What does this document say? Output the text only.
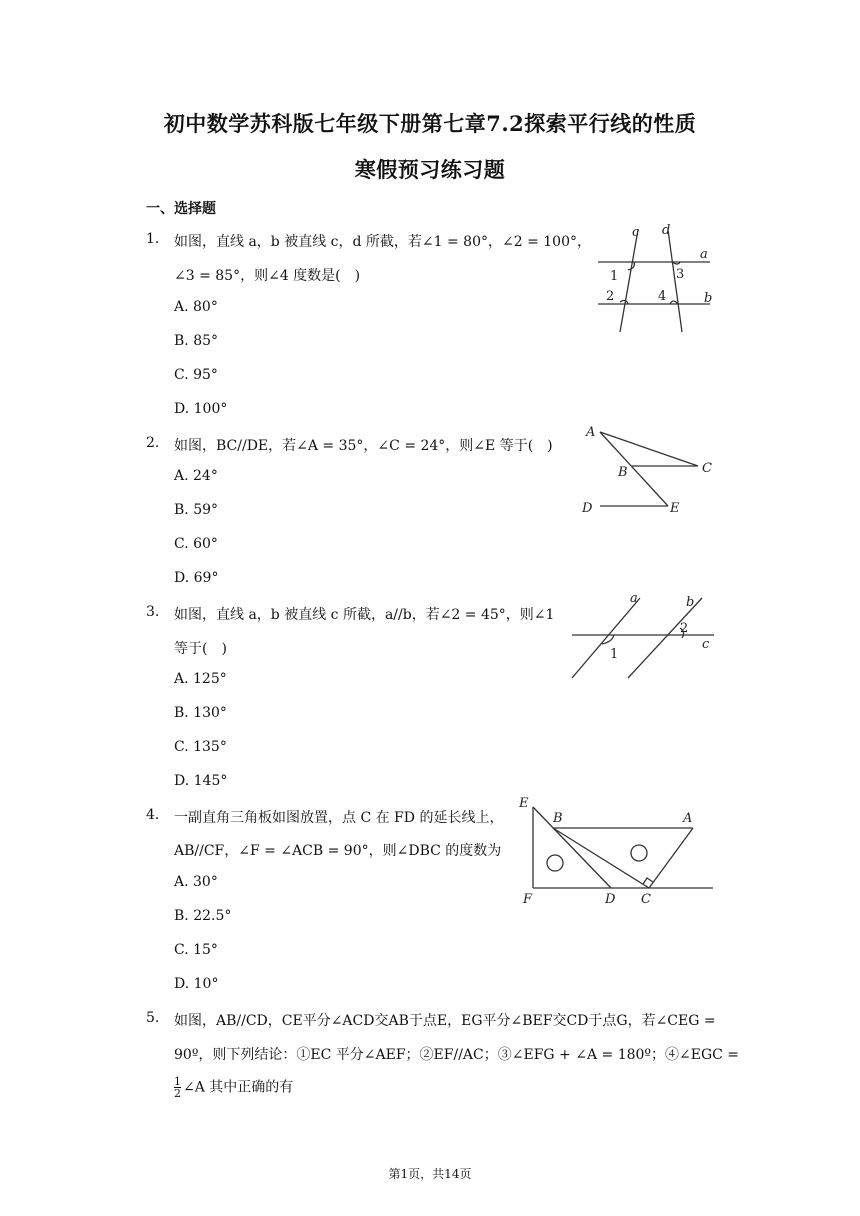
初中数学苏科版七年级下册第七章7.2探索平行线的性质
寒假预习练习题
一、选择题
1. 如图，直线 a，b 被直线 c，d 所截，若∠1 = 80°，∠2 = 100°，
∠3 = 85°，则∠4 度数是(　)
A. 80°
B. 85°
C. 95°
D. 100°
c d
a
b
1
2
3
4
2. 如图，BC//DE，若∠A = 35°，∠C = 24°，则∠E 等于(　)
A. 24°
B. 59°
C. 60°
D. 69°
A
B	C
D	E
3. 如图，直线 a，b 被直线 c 所截，a//b，若∠2 = 45°，则∠1
等于(　)
A. 125°
B. 130°
C. 135°
D. 145°
a	b
c
1
2
4. 一副直角三角板如图放置，点 C 在 FD 的延长线上，
AB//CF，∠F = ∠ACB = 90°，则∠DBC 的度数为
A. 30°
B. 22.5°
C. 15°
D. 10°
E
B	A
F	D C
5. 如图，AB//CD，CE平分∠ACD交AB于点E，EG平分∠BEF交CD于点G，若∠CEG =
90º，则下列结论：①EC 平分∠AEF；②EF//AC；③∠EFG + ∠A = 180º；④∠EGC =
$\frac{1}{2}$ ∠A 其中正确的有
第1页，共14页
